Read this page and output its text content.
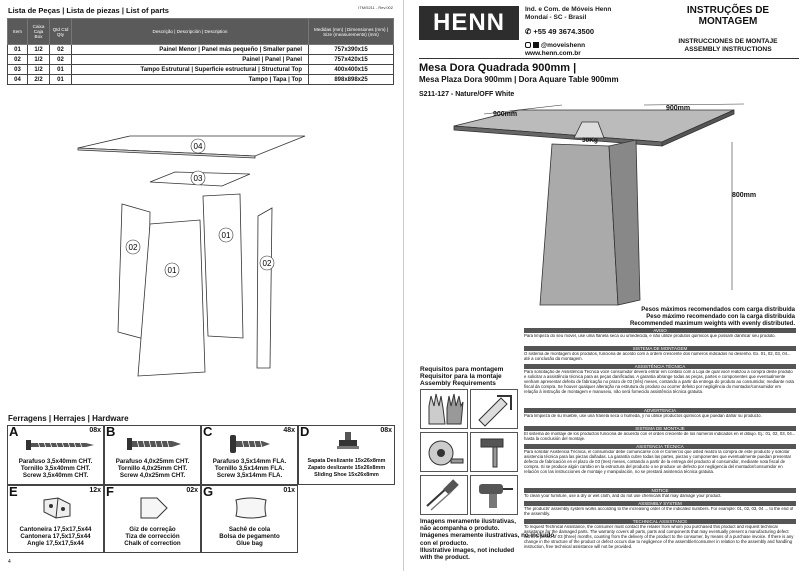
Lista de Peças | Lista de piezas | List of parts	ITM/5211 - Rev.002
Item	Caixa Caja Box	Qtd Ctd Qty	Descrição | Descripción | Description	Medidas (mm) | Dimensiones (mm) | Size (measurements) (mm)
01	1/2	02	Painel Menor | Panel más pequeño | Smaller panel	757x390x15
02	1/2	02	Painel | Panel | Panel	757x420x15
03	1/2	01	Tampo Estrutural | Superficie estructural | Structural Top	400x400x15
04	2/2	01	Tampo | Tapa | Top	898x898x25
04
03
02
01
01
02
Ferragens | Herrajes | Hardware
A	08x
Parafuso 3,5x40mm CHT.
Tornillo 3,5x40mm CHT.
Screw 3,5x40mm CHT.
B
Parafuso 4,0x25mm CHT.
Tornillo 4,0x25mm CHT.
Screw 4,0x25mm CHT.
C	48x
Parafuso 3,5x14mm FLA.
Tornillo 3,5x14mm FLA.
Screw 3,5x14mm FLA.
D	08x
Sapata Deslizante 15x26x8mm
Zapato deslizante 15x26x8mm
Sliding Shoe 15x26x8mm
E	12x
Cantoneira 17,5x17,5x44
Cantonera 17,5x17,5x44
Angle 17,5x17,5x44
F	02x
Giz de correção
Tiza de corrección
Chalk of correction
G	01x
Sachê de cola
Bolsa de pegamento
Glue bag
4
HENN	Ind. e Com. de Móveis Henn
Mondaí - SC - Brasil
✆ +55 49 3674.3500
@moveishenn
www.henn.com.br
INSTRUÇÕES DE MONTAGEM
INSTRUCCIONES DE MONTAJE
ASSEMBLY INSTRUCTIONS
Mesa Dora Quadrada 900mm |
Mesa Plaza Dora 900mm | Dora Aquare Table 900mm
S211-127 - Nature/OFF White
900mm
900mm
800mm
30Kg
Pesos máximos recomendados com carga distribuída
Peso máximo recomendado con la carga distribuida
Recommended maximum weights with evenly distributed.
AVISO
Para limpeza do seu móvel, use uma flanela seca ou umedecida, e não utilize produtos químicos que possam danificar seu produto.
SISTEMA DE MONTAGEM
O sistema de montagem dos produtos, funciona de acordo com a ordem crescente dos números indicados no desenho. Ex. 01, 02, 03, 04... até a conclusão da montagem.
ASSISTÊNCIA TÉCNICA
Para solicitação de Assistência Técnica você consumidor deverá entrar em contato com a Loja de qual você realizou a compra deste produto e solicitar a assistência técnica para as peças danificadas. A garantia abrange todas as peças, partes e componentes que eventualmente venham apresentar defeito de fabricação no prazo de 03 (três) meses, contando a partir da entrega do produto ao consumidor, mediante nota fiscal da compra. Se houver qualquer alteração na estrutura do produto ou ocorrer defeito por negligência do montador/consumidor em relação à instrução de montagem e manuseio, não será fornecido assistência técnica gratuita.
ADVERTENCIA
Para limpieza de su mueble, use una franela seca o húmeda, y no utilice productos químicos que puedan dañar su producto.
SISTEMA DE MONTAJE
El sistema de montaje de los productos funciona de acuerdo con el orden creciente de los números indicados en el dibujo. Ej.: 01, 02, 03, 04... hasta la conclusión del montaje.
ASISTENCIA TÉCNICA
Para solicitar Asistencia Técnica, el consumidor debe comunicarse con el Comercio que usted realizó la compra de este producto y solicitar asistencia técnica para las piezas dañadas. La garantía cubre todas las partes, piezas y componentes que eventualmente puedan presentar defecto de fabricación en el plazo de 03 (tres) meses, contando a partir de la entrega del producto al consumidor, mediante nota fiscal de compra. Si se produce algún cambio en la estructura del producto o se produce un defecto por negligencia del montador/consumidor en relación con las instrucciones de montaje y manipulación, no se prestará asistencia técnica gratuita.
NOTICE
To clean your furniture, use a dry or wet cloth, and do not use chemicals that may damage your product.
ASSEMBLY SYSTEM
The products' assembly system works according to the increasing order of the indicated numbers. For example: 01, 02, 03, 04 ... to the end of the assembly.
TECHNICAL ASSISTANCE
To request Technical Assistance, the consumer must contact the retailer from whom you purchased this product and request technical assistance for the damaged parts. The warranty covers all parts, parts and components that may eventually present a manufacturing defect within a period of 03 (three) months, counting from the delivery of the product to the consumer, by means of a purchase invoice. If there is any change in the structure of the product or defect occurs due to negligence of the assembler/consumer in relation to the assembly and handling instruction, free technical assistance will not be provided.
Requisitos para montagem
Requisitor para la montaje
Assembly Requirements
Imagens meramente ilustrativas,
não acompanha o produto.
Imágenes meramente ilustrativas, no incluido
con el producto.
Illustrative images, not included
with the product.
